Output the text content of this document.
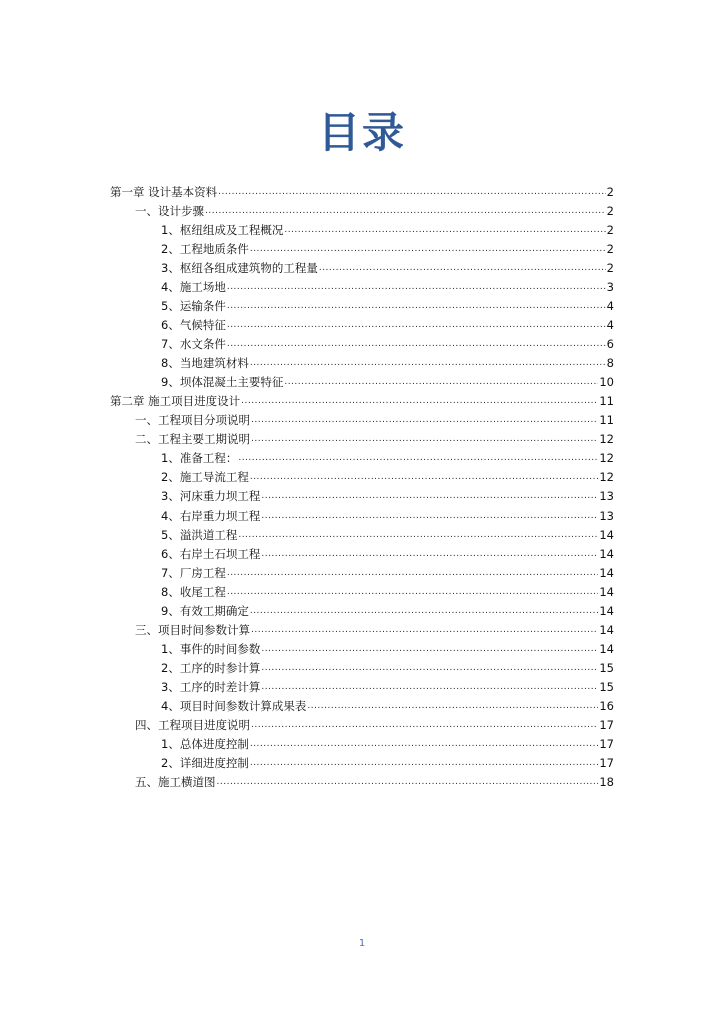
目录
第一章 设计基本资料 .....	2
一、设计步骤 .....	2
1、枢纽组成及工程概况 .....	2
2、工程地质条件 .....	2
3、枢纽各组成建筑物的工程量 .....	2
4、施工场地 .....	3
5、运输条件 .....	4
6、气候特征 .....	4
7、水文条件 .....	6
8、当地建筑材料 .....	8
9、坝体混凝土主要特征 .....	10
第二章 施工项目进度设计 .....	11
一、工程项目分项说明 .....	11
二、工程主要工期说明 .....	12
1、准备工程： .....	12
2、施工导流工程 .....	12
3、河床重力坝工程 .....	13
4、右岸重力坝工程 .....	13
5、溢洪道工程 .....	14
6、右岸土石坝工程 .....	14
7、厂房工程 .....	14
8、收尾工程 .....	14
9、有效工期确定 .....	14
三、项目时间参数计算 .....	14
1、事件的时间参数 .....	14
2、工序的时参计算 .....	15
3、工序的时差计算 .....	15
4、项目时间参数计算成果表 .....	16
四、工程项目进度说明 .....	17
1、总体进度控制 .....	17
2、详细进度控制 .....	17
五、施工横道图 .....	18
1
